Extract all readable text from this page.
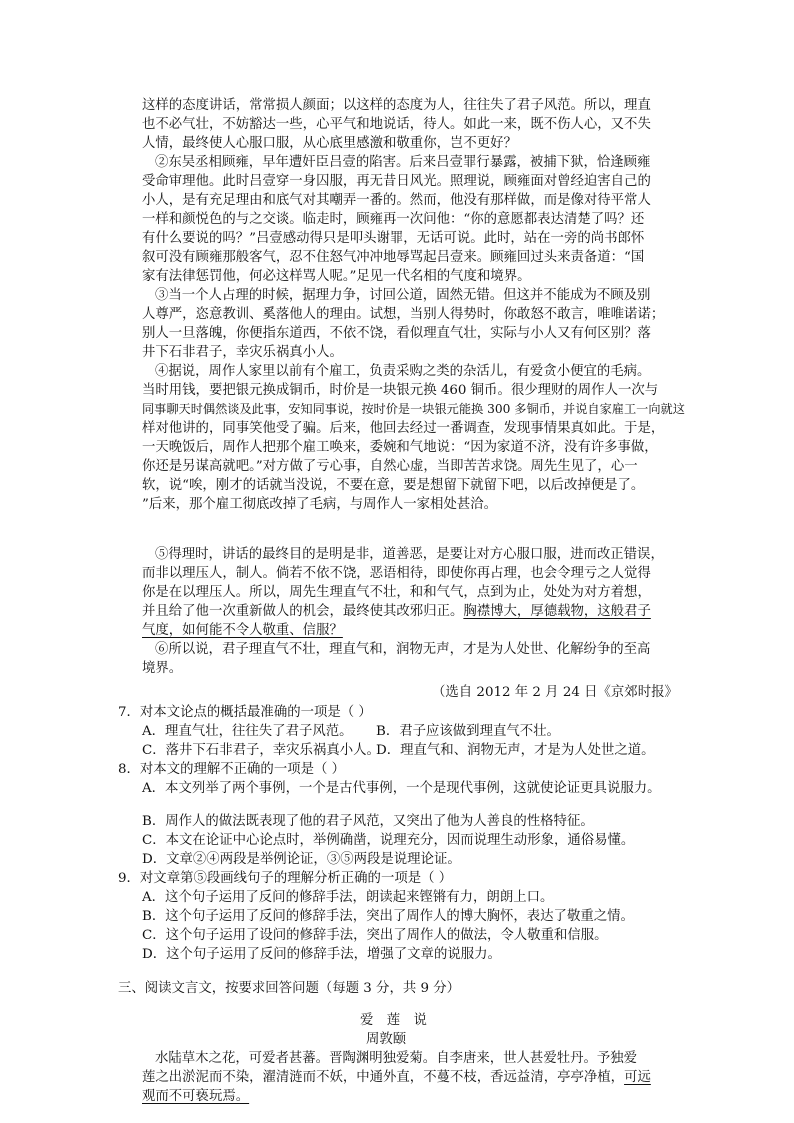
这样的态度讲话，常常损人颜面；以这样的态度为人，往往失了君子风范。所以，理直
也不必气壮，不妨豁达一些，心平气和地说话，待人。如此一来，既不伤人心，又不失
人情，最终使人心服口服，从心底里感激和敬重你，岂不更好？
②东吴丞相顾雍，早年遭奸臣吕壹的陷害。后来吕壹罪行暴露，被捕下狱，恰逢顾雍
受命审理他。此时吕壹穿一身囚服，再无昔日风光。照理说，顾雍面对曾经迫害自己的
小人，是有充足理由和底气对其嘲弄一番的。然而，他没有那样做，而是像对待平常人
一样和颜悦色的与之交谈。临走时，顾雍再一次问他：“你的意愿都表达清楚了吗？还
有什么要说的吗？”吕壹感动得只是叩头谢罪，无话可说。此时，站在一旁的尚书郎怀
叙可没有顾雍那般客气，忍不住怒气冲冲地辱骂起吕壹来。顾雍回过头来责备道：“国
家有法律惩罚他，何必这样骂人呢。”足见一代名相的气度和境界。
③当一个人占理的时候，据理力争，讨回公道，固然无错。但这并不能成为不顾及别
人尊严，恣意教训、奚落他人的理由。试想，当别人得势时，你敢怒不敢言，唯唯诺诺；
别人一旦落魄，你便指东道西，不依不饶，看似理直气壮，实际与小人又有何区别？落
井下石非君子，幸灾乐祸真小人。
④据说，周作人家里以前有个雇工，负责采购之类的杂活儿，有爱贪小便宜的毛病。
当时用钱，要把银元换成铜币，时价是一块银元换 460 铜币。很少理财的周作人一次与
同事聊天时偶然谈及此事，安知同事说，按时价是一块银元能换 300 多铜币，并说自家雇工一向就这
样对他讲的，同事笑他受了骗。后来，他回去经过一番调查，发现事情果真如此。于是，
一天晚饭后，周作人把那个雇工唤来，委婉和气地说：“因为家道不济，没有许多事做，
你还是另谋高就吧。”对方做了亏心事，自然心虚，当即苦苦求饶。周先生见了，心一
软，说“唉，刚才的话就当没说，不要在意，要是想留下就留下吧，以后改掉便是了。
”后来，那个雇工彻底改掉了毛病，与周作人一家相处甚洽。
⑤得理时，讲话的最终目的是明是非，道善恶，是要让对方心服口服，进而改正错误，
而非以理压人，制人。倘若不依不饶，恶语相待，即使你再占理，也会令理亏之人觉得
你是在以理压人。所以，周先生理直气不壮，和和气气，点到为止，处处为对方着想，
并且给了他一次重新做人的机会，最终使其改邪归正。胸襟博大，厚德载物，这般君子
气度，如何能不令人敬重、信服？
⑥所以说，君子理直气不壮，理直气和，润物无声，才是为人处世、化解纷争的至高
境界。
（选自 2012 年 2 月 24 日《京郊时报》
7．对本文论点的概括最准确的一项是（ ）
A．理直气壮，往往失了君子风范。 B．君子应该做到理直气不壮。
C．落井下石非君子，幸灾乐祸真小人。
D．理直气和、润物无声，才是为人处世之道。
8．对本文的理解不正确的一项是（ ）
A．本文列举了两个事例，一个是古代事例，一个是现代事例，这就使论证更具说服力。
B．周作人的做法既表现了他的君子风范，又突出了他为人善良的性格特征。
C．本文在论证中心论点时，举例确凿，说理充分，因而说理生动形象，通俗易懂。
D．文章②④两段是举例论证，③⑤两段是说理论证。
9．对文章第⑤段画线句子的理解分析正确的一项是（ ）
A．这个句子运用了反问的修辞手法，朗读起来铿锵有力，朗朗上口。
B．这个句子运用了反问的修辞手法，突出了周作人的博大胸怀，表达了敬重之情。
C．这个句子运用了设问的修辞手法，突出了周作人的做法，令人敬重和信服。
D．这个句子运用了反问的修辞手法，增强了文章的说服力。
三、阅读文言文，按要求回答问题（每题 3 分，共 9 分）
爱　莲　说
周敦颐
水陆草木之花，可爱者甚蕃。晋陶渊明独爱菊。自李唐来，世人甚爱牡丹。予独爱
莲之出淤泥而不染，濯清涟而不妖，中通外直，不蔓不枝，香远益清，亭亭净植，可远
观而不可亵玩焉。
